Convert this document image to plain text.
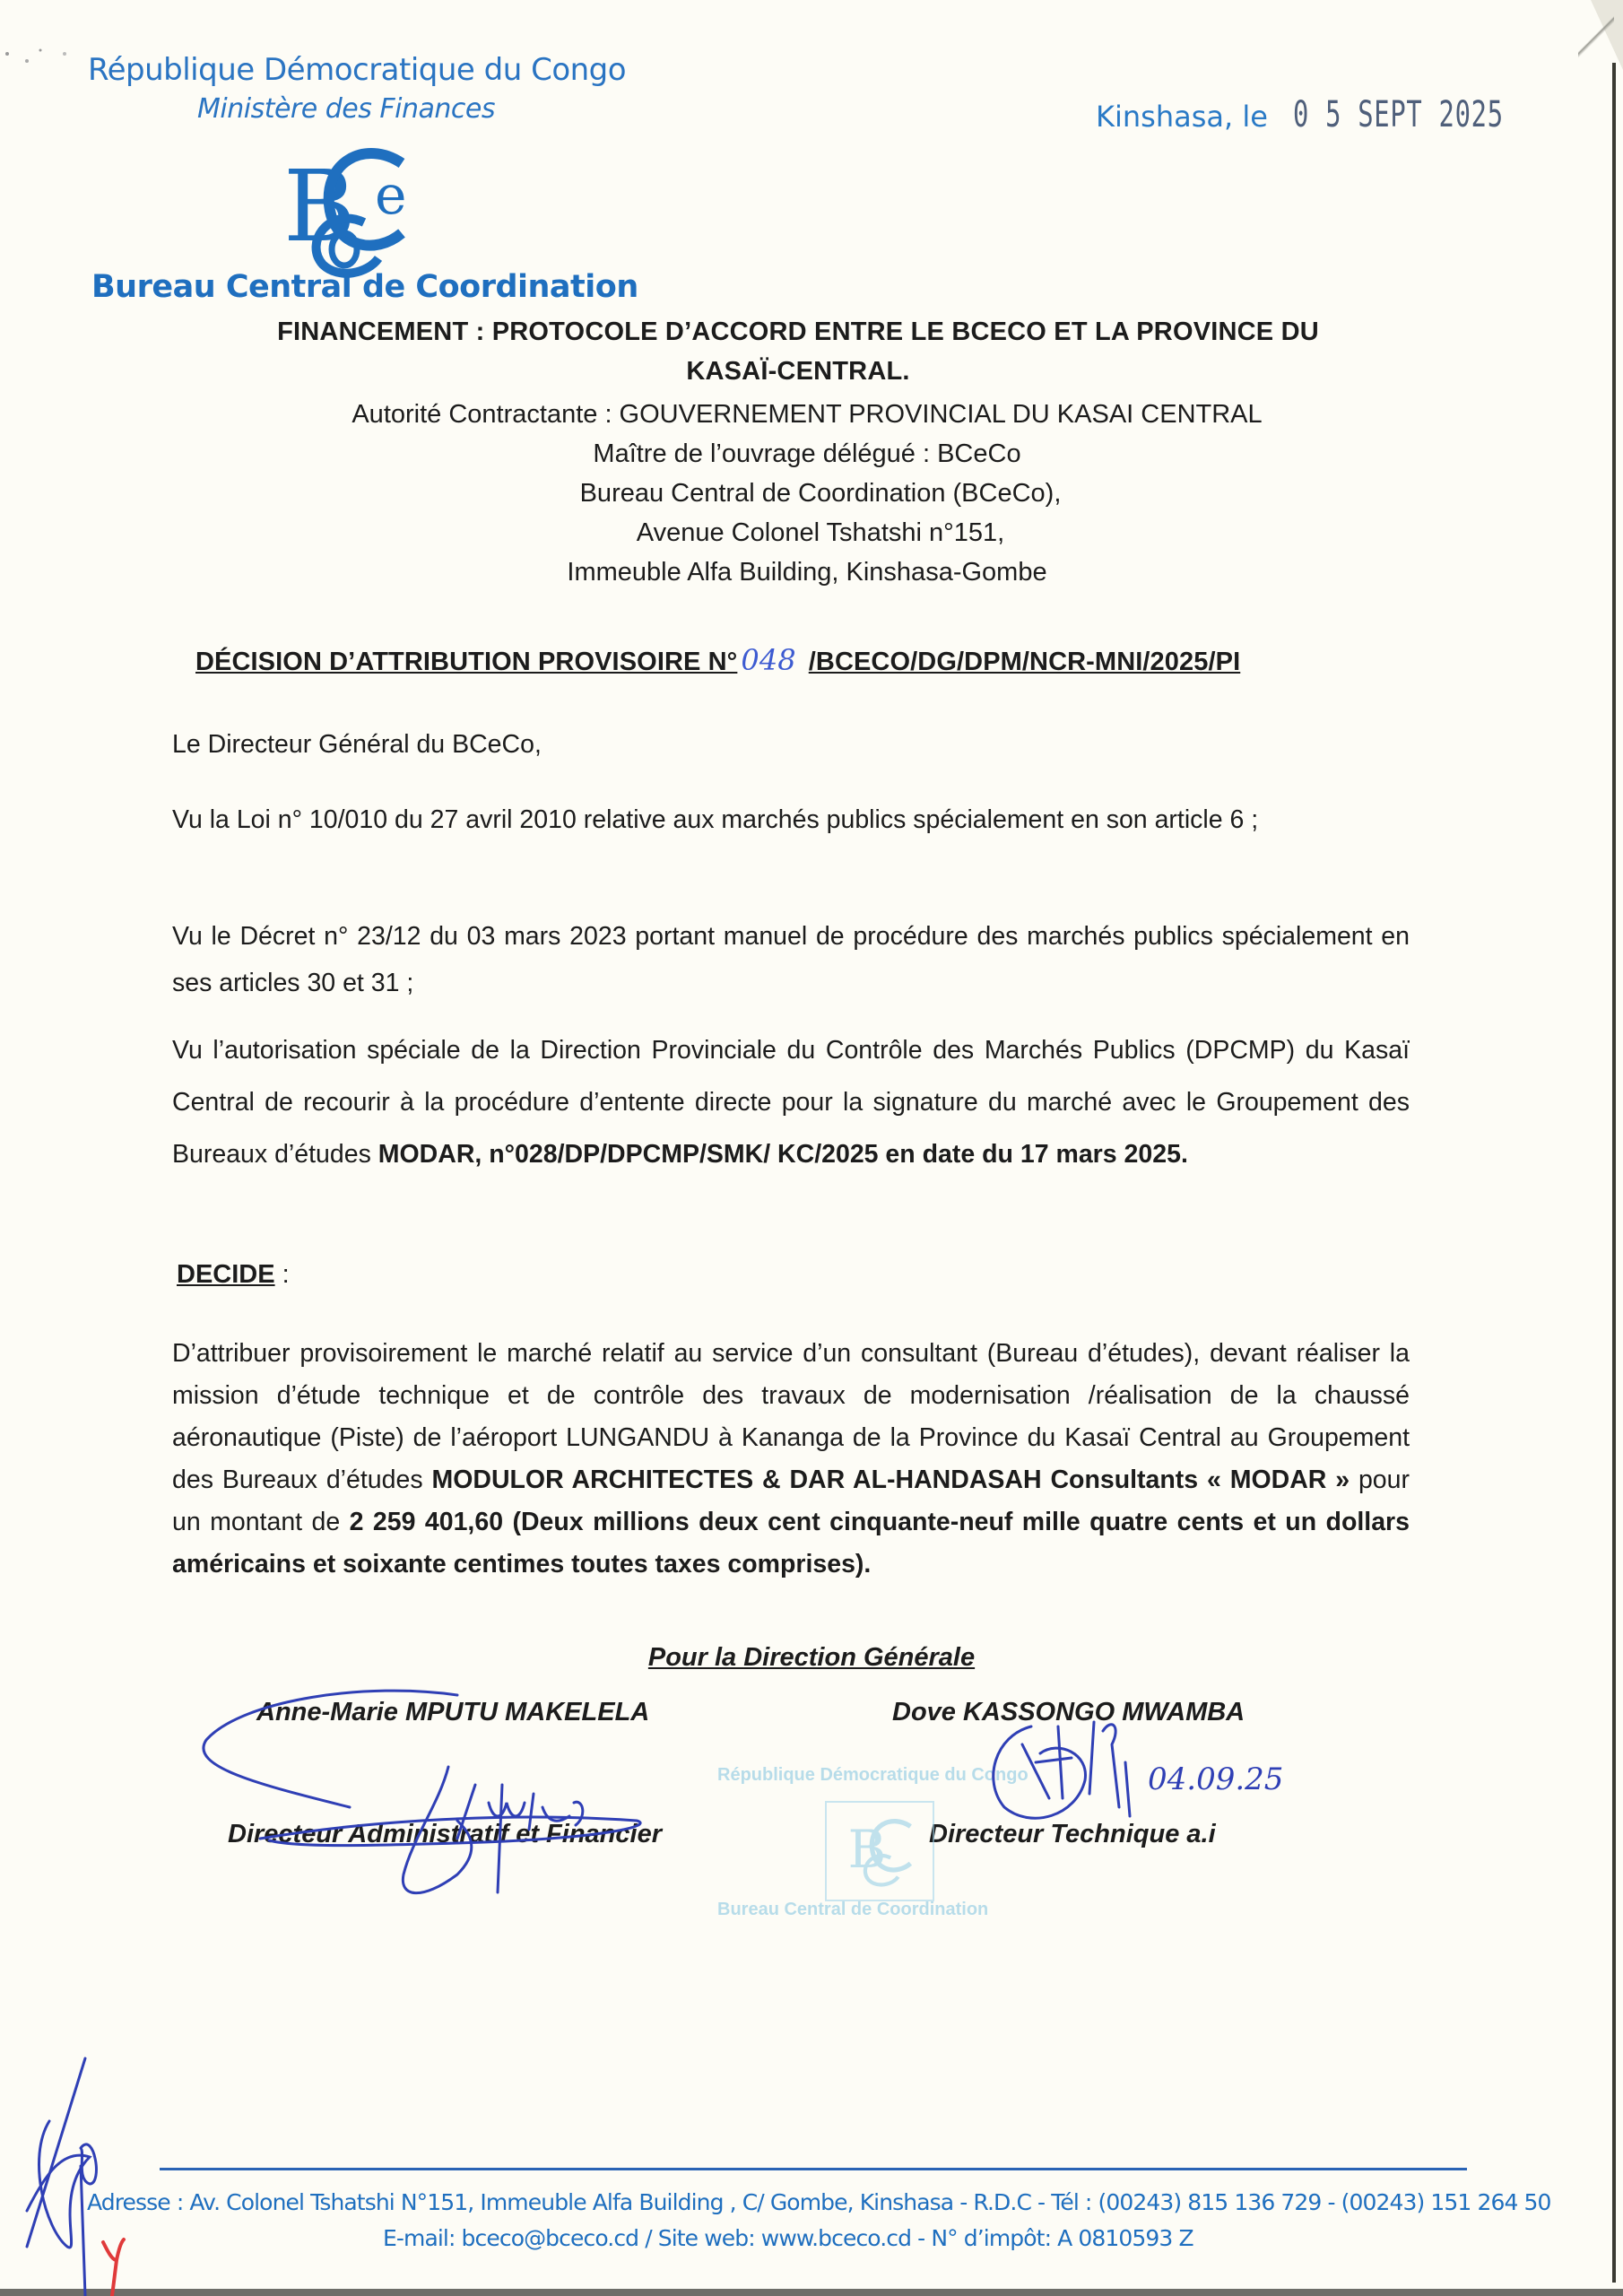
République Démocratique du Congo
Ministère des Finances
B e
Bureau Central de Coordination
Kinshasa, le 0 5 SEPT 2025
FINANCEMENT : PROTOCOLE D’ACCORD ENTRE LE BCECO ET LA PROVINCE DU
KASAÏ-CENTRAL.
Autorité Contractante : GOUVERNEMENT PROVINCIAL DU KASAI CENTRAL
Maître de l’ouvrage délégué : BCeCo
Bureau Central de Coordination (BCeCo),
Avenue Colonel Tshatshi n°151,
Immeuble Alfa Building, Kinshasa-Gombe
DÉCISION D’ATTRIBUTION PROVISOIRE N° 048 /BCECO/DG/DPM/NCR-MNI/2025/PI
Le Directeur Général du BCeCo,
Vu la Loi n° 10/010 du 27 avril 2010 relative aux marchés publics spécialement en son article 6 ;
Vu le Décret n° 23/12 du 03 mars 2023 portant manuel de procédure des marchés publics spécialement en ses articles 30 et 31 ;
Vu l’autorisation spéciale de la Direction Provinciale du Contrôle des Marchés Publics (DPCMP) du Kasaï Central de recourir à la procédure d’entente directe pour la signature du marché avec le Groupement des Bureaux d’études MODAR, n°028/DP/DPCMP/SMK/ KC/2025 en date du 17 mars 2025.
DECIDE :
D’attribuer provisoirement le marché relatif au service d’un consultant (Bureau d’études), devant réaliser la mission d’étude technique et de contrôle des travaux de modernisation /réalisation de la chaussé aéronautique (Piste) de l’aéroport LUNGANDU à Kananga de la Province du Kasaï Central au Groupement des Bureaux d’études MODULOR ARCHITECTES & DAR AL-HANDASAH Consultants « MODAR » pour un montant de 2 259 401,60 (Deux millions deux cent cinquante-neuf mille quatre cents et un dollars américains et soixante centimes toutes taxes comprises).
Pour la Direction Générale
Anne-Marie MPUTU MAKELELA	Dove KASSONGO MWAMBA
Directeur Administratif et Financier	Directeur Technique a.i
République Démocratique du Congo
B
Bureau Central de Coordination
04.09.25
Adresse : Av. Colonel Tshatshi N°151, Immeuble Alfa Building , C/ Gombe, Kinshasa - R.D.C - Tél : (00243) 815 136 729 - (00243) 151 264 50
E-mail: bceco@bceco.cd / Site web: www.bceco.cd - N° d’impôt: A 0810593 Z
